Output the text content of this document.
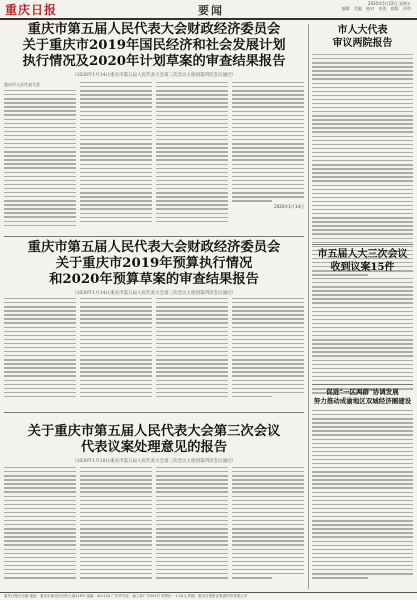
重庆日报	要闻
2020年5月22日 星期五
编辑 美编 校对 审读 排版 评审
重庆市第五届人民代表大会财政经济委员会
关于重庆市2019年国民经济和社会发展计划
执行情况及2020年计划草案的审查结果报告
（2020年1月14日重庆市第五届人民代表大会第三次会议主席团第四次会议通过）
重庆市人民代表大会
2020年1月14日
重庆市第五届人民代表大会财政经济委员会
关于重庆市2019年预算执行情况
和2020年预算草案的审查结果报告
（2020年1月14日重庆市第五届人民代表大会第三次会议主席团第四次会议通过）
关于重庆市第五届人民代表大会第三次会议
代表议案处理意见的报告
（2020年1月18日重庆市第五届人民代表大会第三次会议主席团第四次会议通过）
市人大代表
审议两院报告
市五届人大三次会议
收到议案15件
促进“一区两群”协调发展
努力推动成渝地区双城经济圈建设
重庆日报社出版 地址：重庆市渝北区同茂大道416号 邮编：401120 广告许可证：渝工商广字001号 零售价：1.50元 印刷：重庆日报报业集团印务有限公司
